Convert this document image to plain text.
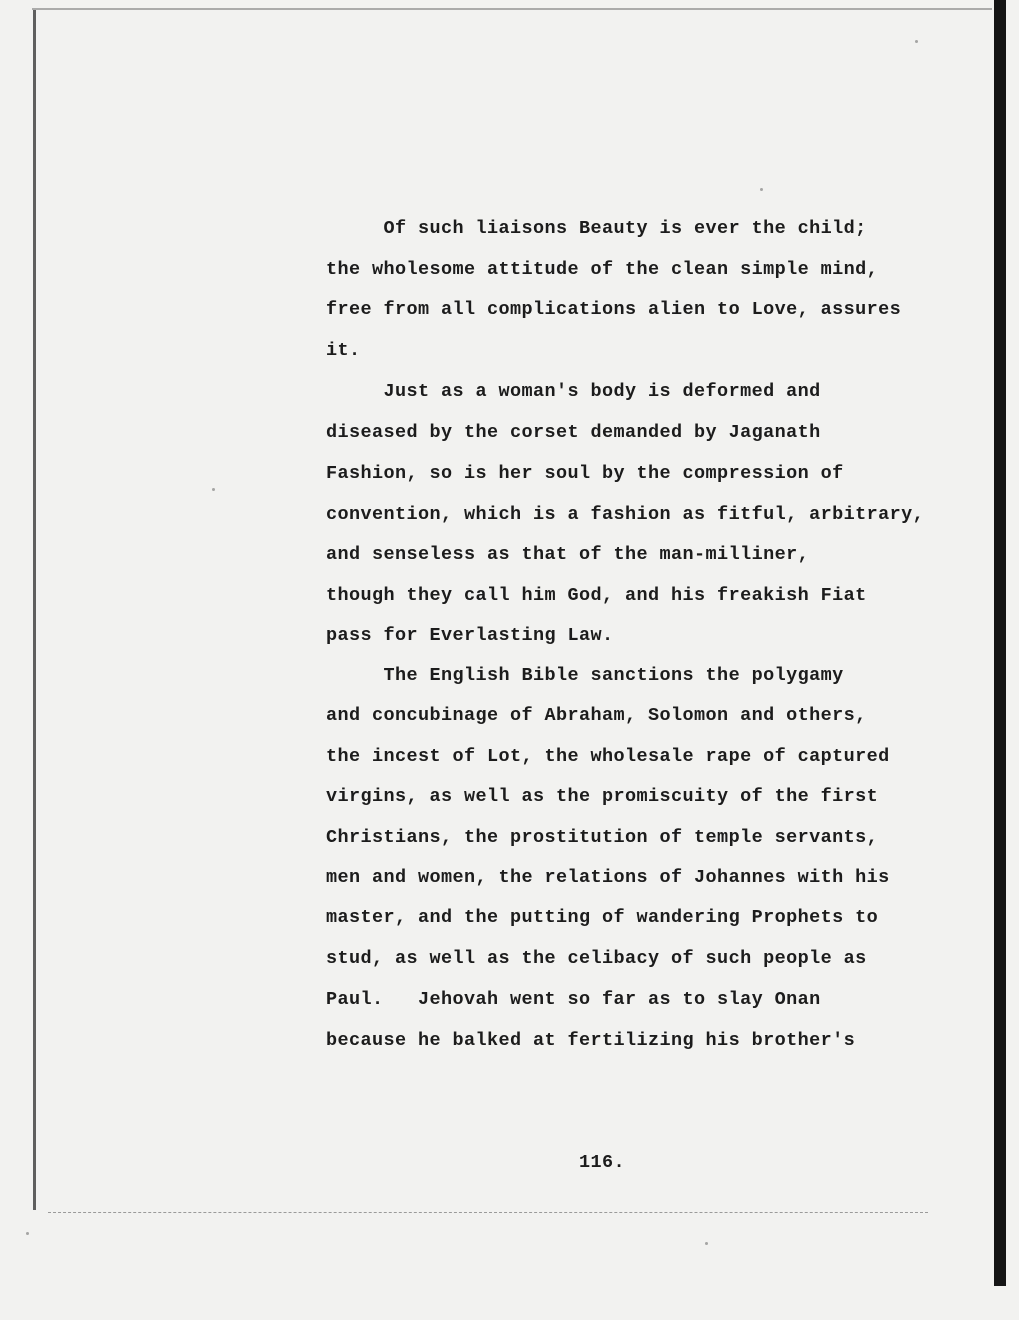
Of such liaisons Beauty is ever the child;
the wholesome attitude of the clean simple mind,
free from all complications alien to Love, assures
it.
Just as a woman's body is deformed and
diseased by the corset demanded by Jaganath
Fashion, so is her soul by the compression of
convention, which is a fashion as fitful, arbitrary,
and senseless as that of the man-milliner,
though they call him God, and his freakish Fiat
pass for Everlasting Law.
The English Bible sanctions the polygamy
and concubinage of Abraham, Solomon and others,
the incest of Lot, the wholesale rape of captured
virgins, as well as the promiscuity of the first
Christians, the prostitution of temple servants,
men and women, the relations of Johannes with his
master, and the putting of wandering Prophets to
stud, as well as the celibacy of such people as
Paul.   Jehovah went so far as to slay Onan
because he balked at fertilizing his brother's
116.
